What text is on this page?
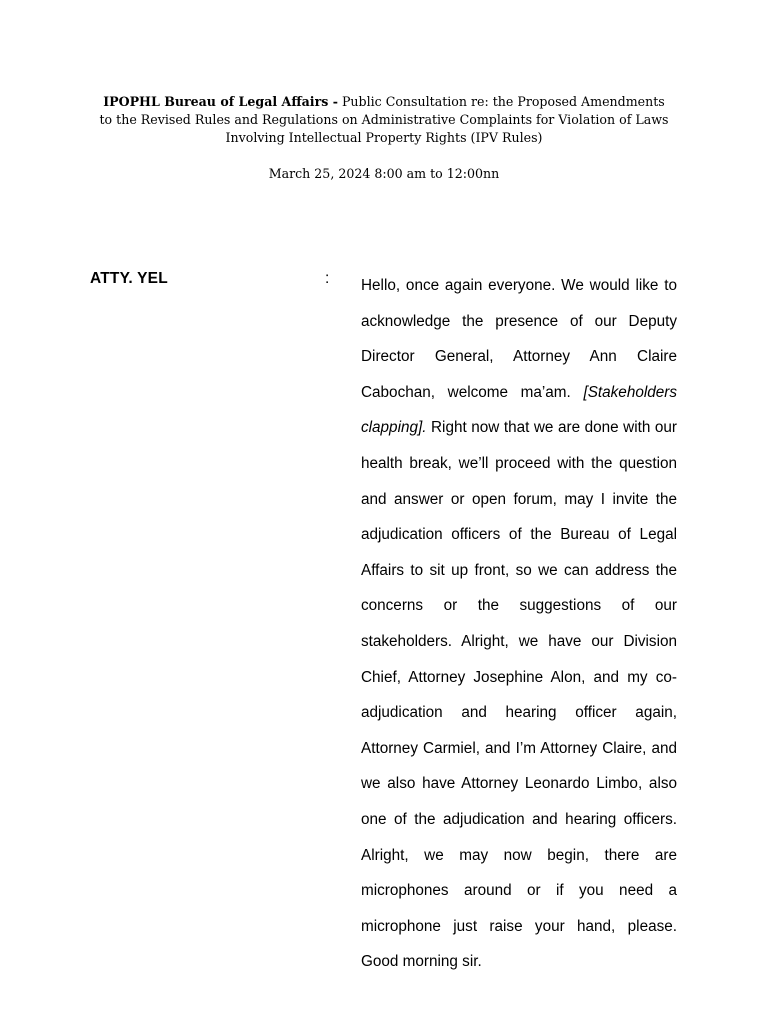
IPOPHL Bureau of Legal Affairs - Public Consultation re: the Proposed Amendments to the Revised Rules and Regulations on Administrative Complaints for Violation of Laws Involving Intellectual Property Rights (IPV Rules)
March 25, 2024 8:00 am to 12:00nn
ATTY. YEL	: Hello, once again everyone. We would like to acknowledge the presence of our Deputy Director General, Attorney Ann Claire Cabochan, welcome ma’am. [Stakeholders clapping]. Right now that we are done with our health break, we’ll proceed with the question and answer or open forum, may I invite the adjudication officers of the Bureau of Legal Affairs to sit up front, so we can address the concerns or the suggestions of our stakeholders. Alright, we have our Division Chief, Attorney Josephine Alon, and my co-adjudication and hearing officer again, Attorney Carmiel, and I’m Attorney Claire, and we also have Attorney Leonardo Limbo, also one of the adjudication and hearing officers. Alright, we may now begin, there are microphones around or if you need a microphone just raise your hand, please. Good morning sir.
